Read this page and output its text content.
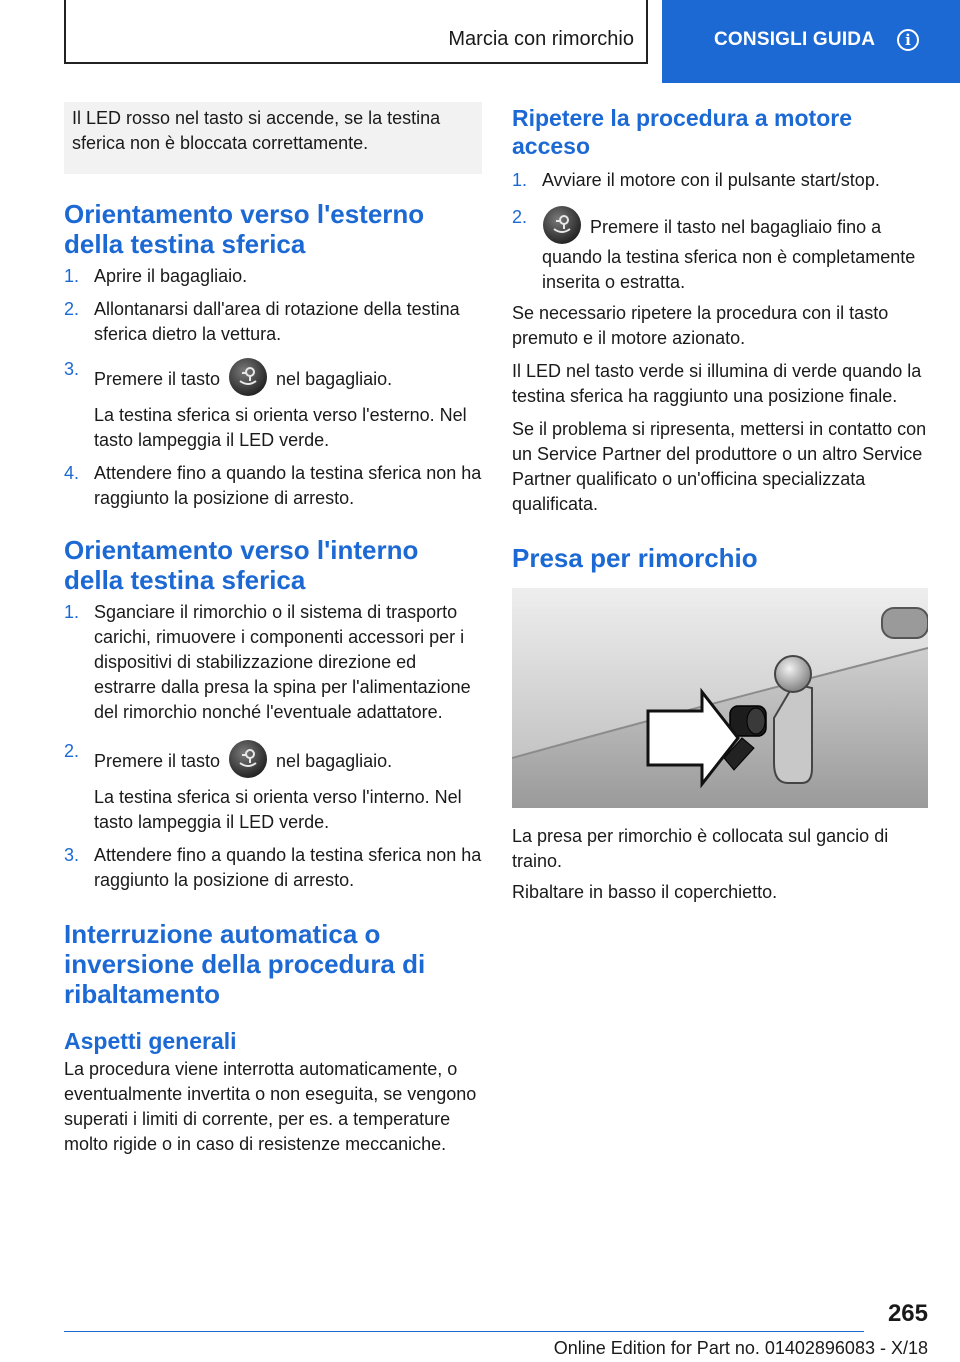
Marcia con rimorchio	CONSIGLI GUIDA	i

Il LED rosso nel tasto si accende, se la testina sferica non è bloccata correttamente.

Orientamento verso l'esterno della testina sferica
1. Aprire il bagagliaio.
2. Allontanarsi dall'area di rotazione della testina sferica dietro la vettura.
3. Premere il tasto	nel bagagliaio.

La testina sferica si orienta verso l'esterno. Nel tasto lampeggia il LED verde.

4. Attendere fino a quando la testina sferica non ha raggiunto la posizione di arresto.
Orientamento verso l'interno della testina sferica
1. Sganciare il rimorchio o il sistema di trasporto carichi, rimuovere i componenti accessori per i dispositivi di stabilizzazione direzione ed estrarre dalla presa la spina per l'alimentazione del rimorchio nonché l'eventuale adattatore.
2. Premere il tasto	nel bagagliaio.

La testina sferica si orienta verso l'interno. Nel tasto lampeggia il LED verde.

3. Attendere fino a quando la testina sferica non ha raggiunto la posizione di arresto.
Interruzione automatica o inversione della procedura di ribaltamento
Aspetti generali

La procedura viene interrotta automaticamente, o eventualmente invertita o non eseguita, se vengono superati i limiti di corrente, per es. a temperature molto rigide o in caso di resistenze meccaniche.

Ripetere la procedura a motore acceso
1. Avviare il motore con il pulsante start/stop.
2.	Premere il tasto nel bagagliaio fino a quando la testina sferica non è completamente inserita o estratta.

Se necessario ripetere la procedura con il tasto premuto e il motore azionato.

Il LED nel tasto verde si illumina di verde quando la testina sferica ha raggiunto una posizione finale.

Se il problema si ripresenta, mettersi in contatto con un Service Partner del produttore o un altro Service Partner qualificato o un'officina specializzata qualificata.

Presa per rimorchio

La presa per rimorchio è collocata sul gancio di traino.

Ribaltare in basso il coperchietto.

265
Online Edition for Part no. 01402896083 - X/18
